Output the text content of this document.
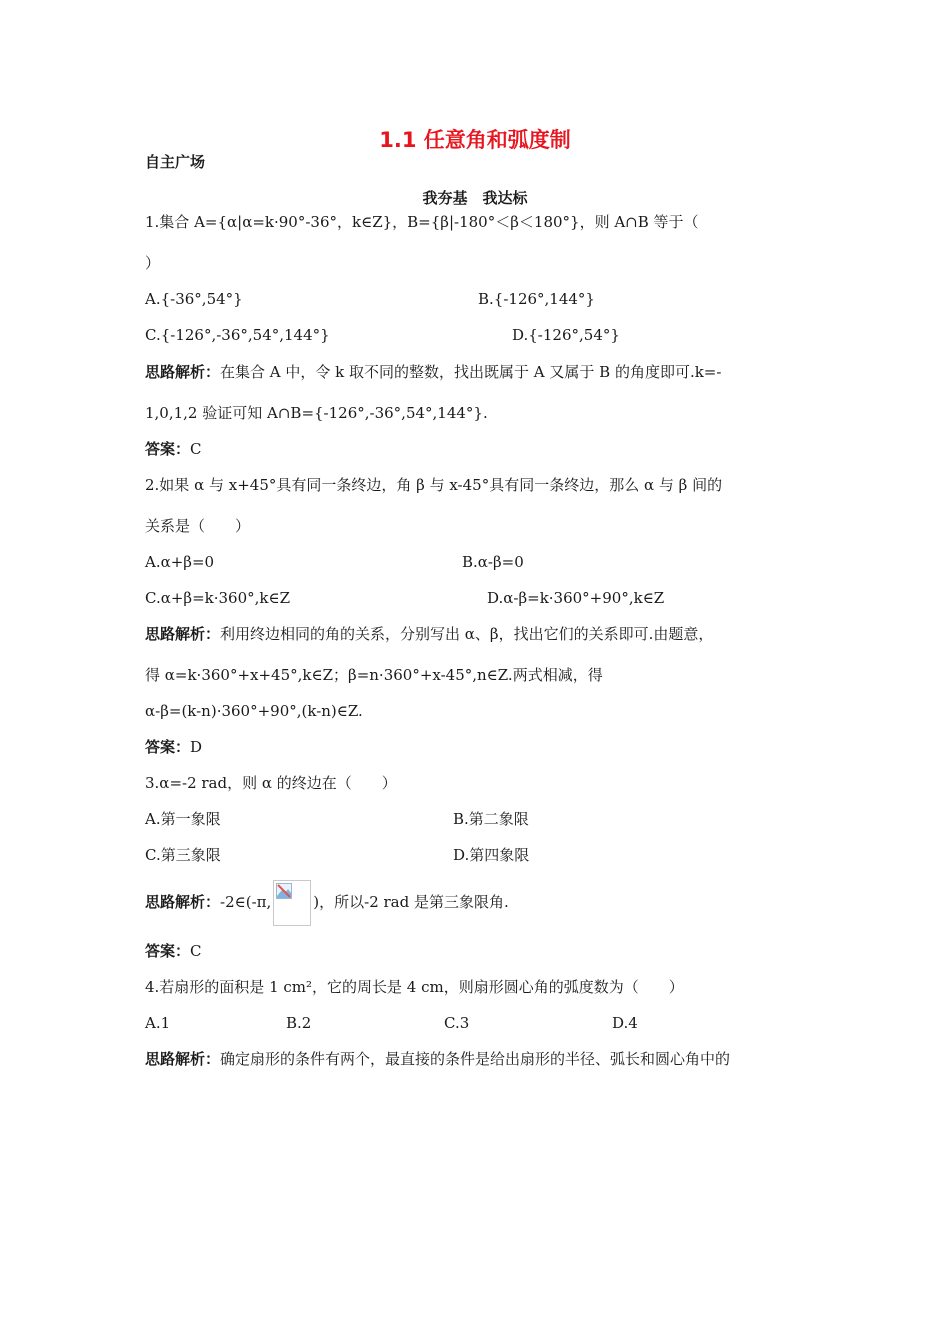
1.1 任意角和弧度制
自主广场
我夯基　我达标
1.集合 A={α|α=k·90°-36°，k∈Z}，B={β|-180°＜β＜180°}，则 A∩B 等于（
）
A.{-36°,54°}	B.{-126°,144°}
C.{-126°,-36°,54°,144°}	D.{-126°,54°}
思路解析：在集合 A 中，令 k 取不同的整数，找出既属于 A 又属于 B 的角度即可.k=-
1,0,1,2 验证可知 A∩B={-126°,-36°,54°,144°}.
答案：C
2.如果 α 与 x+45°具有同一条终边，角 β 与 x-45°具有同一条终边，那么 α 与 β 间的
关系是（　　）
A.α+β=0	B.α-β=0
C.α+β=k·360°,k∈Z	D.α-β=k·360°+90°,k∈Z
思路解析：利用终边相同的角的关系，分别写出 α、β，找出它们的关系即可.由题意，
得 α=k·360°+x+45°,k∈Z；β=n·360°+x-45°,n∈Z.两式相减，得
α-β=(k-n)·360°+90°,(k-n)∈Z.
答案：D
3.α=-2 rad，则 α 的终边在（　　）
A.第一象限	B.第二象限
C.第三象限	D.第四象限
思路解析：-2∈(-π,	)，所以-2 rad 是第三象限角.
答案：C
4.若扇形的面积是 1 cm²，它的周长是 4 cm，则扇形圆心角的弧度数为（　　）
A.1	B.2	C.3	D.4
思路解析：确定扇形的条件有两个，最直接的条件是给出扇形的半径、弧长和圆心角中的
